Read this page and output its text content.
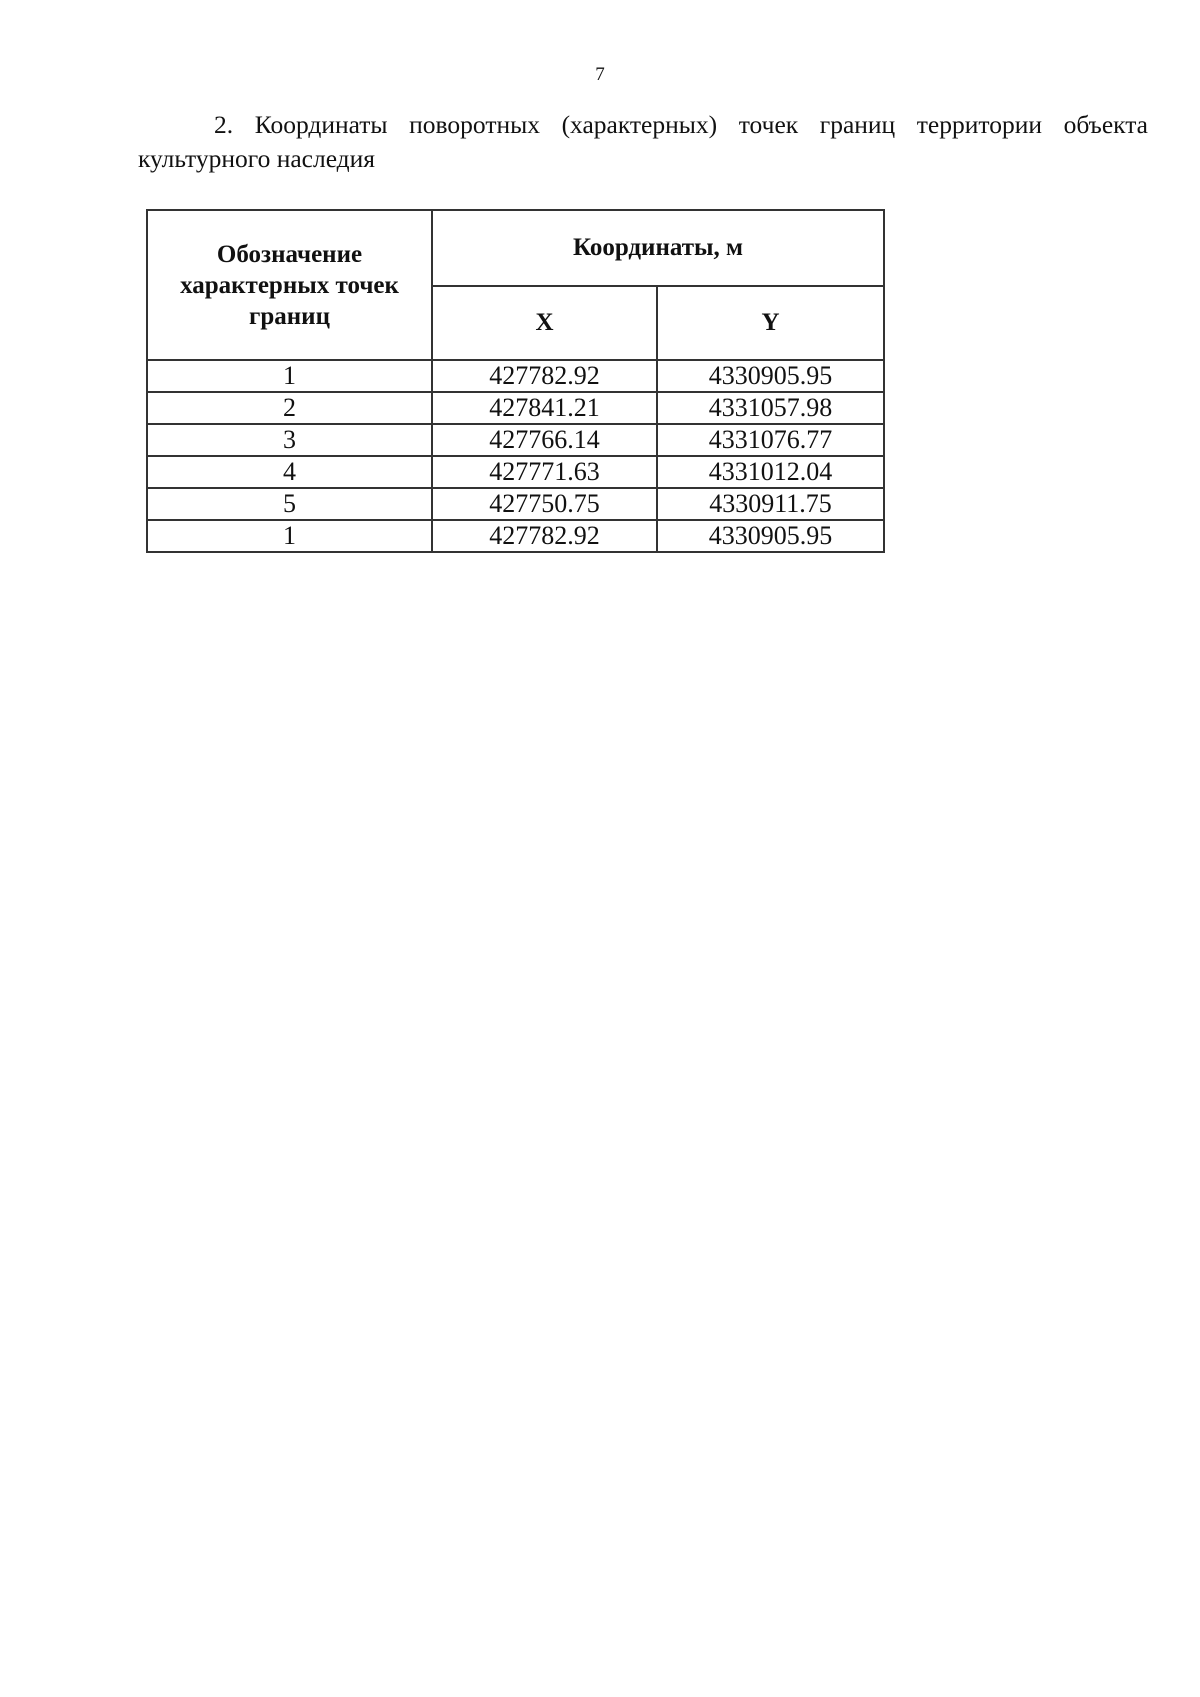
7

2. Координаты поворотных (характерных) точек границ территории объекта культурного наследия

Обозначение характерных точек границ	Координаты, м	
	X	Y
1	427782.92	4330905.95
2	427841.21	4331057.98
3	427766.14	4331076.77
4	427771.63	4331012.04
5	427750.75	4330911.75
1	427782.92	4330905.95
